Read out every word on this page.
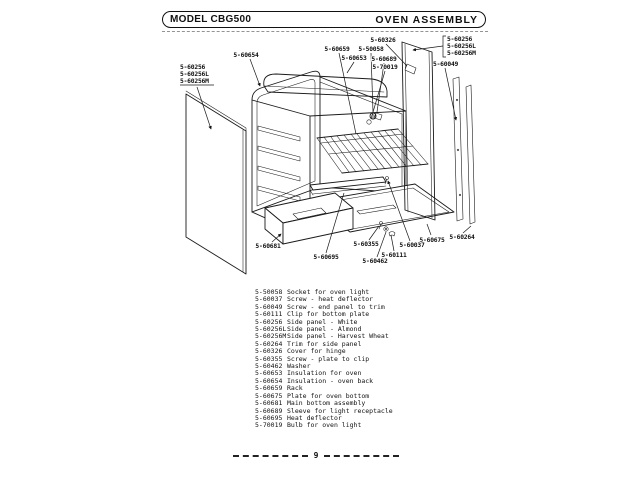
MODEL CBG500	OVEN ASSEMBLY
5-60654
5-60256
5-60256L
5-60256M
5-60659 5-50058
5-60653
5-60326
5-60689
5-70019
5-60256
5-60256L
5-60256M
5-60049
5-60264
5-60675
5-60037
5-60111
5-60462
5-60355
5-60695
5-60681
5-50058 Socket for oven light
5-60037 Screw - heat deflector
5-60049 Screw - end panel to trim
5-60111 Clip for bottom plate
5-60256 Side panel - White
5-60256L Side panel - Almond
5-60256M Side panel - Harvest Wheat
5-60264 Trim for side panel
5-60326 Cover for hinge
5-60355 Screw - plate to clip
5-60462 Washer
5-60653 Insulation for oven
5-60654 Insulation - oven back
5-60659 Rack
5-60675 Plate for oven bottom
5-60681 Main bottom assembly
5-60689 Sleeve for light receptacle
5-60695 Heat deflector
5-70019 Bulb for oven light
9
